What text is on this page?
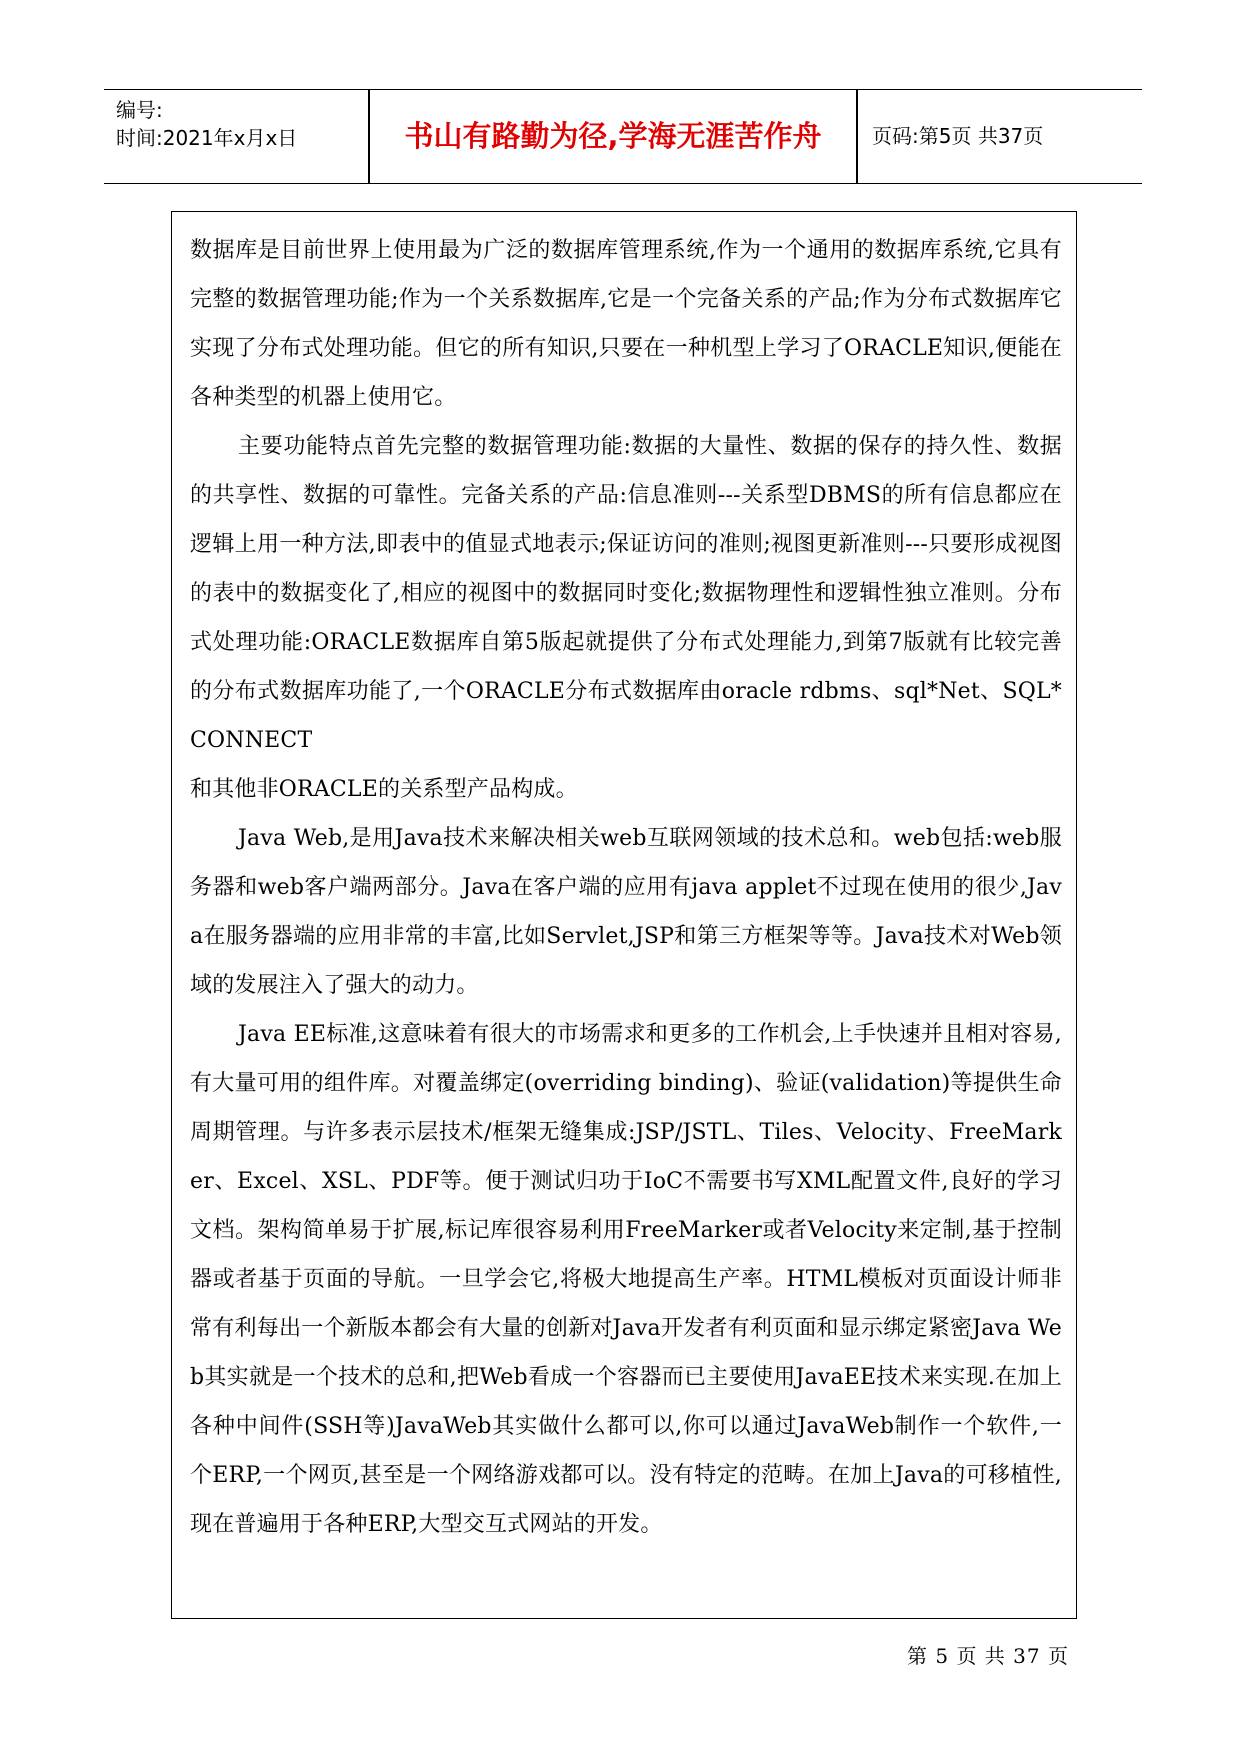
编号:
时间:2021年x月x日	书山有路勤为径,学海无涯苦作舟	页码:第5页 共37页

数据库是目前世界上使用最为广泛的数据库管理系统,作为一个通用的数据库系统,它具有完整的数据管理功能;作为一个关系数据库,它是一个完备关系的产品;作为分布式数据库它实现了分布式处理功能。但它的所有知识,只要在一种机型上学习了ORACLE知识,便能在各种类型的机器上使用它。

主要功能特点首先完整的数据管理功能:数据的大量性、数据的保存的持久性、数据的共享性、数据的可靠性。完备关系的产品:信息准则---关系型DBMS的所有信息都应在逻辑上用一种方法,即表中的值显式地表示;保证访问的准则;视图更新准则---只要形成视图的表中的数据变化了,相应的视图中的数据同时变化;数据物理性和逻辑性独立准则。分布式处理功能:ORACLE数据库自第5版起就提供了分布式处理能力,到第7版就有比较完善的分布式数据库功能了,一个ORACLE分布式数据库由oracle rdbms、sql*Net、SQL*CONNECT

和其他非ORACLE的关系型产品构成。

Java Web,是用Java技术来解决相关web互联网领域的技术总和。web包括:web服务器和web客户端两部分。Java在客户端的应用有java applet不过现在使用的很少,Java在服务器端的应用非常的丰富,比如Servlet,JSP和第三方框架等等。Java技术对Web领域的发展注入了强大的动力。

Java EE标准,这意味着有很大的市场需求和更多的工作机会,上手快速并且相对容易,有大量可用的组件库。对覆盖绑定(overriding binding)、验证(validation)等提供生命周期管理。与许多表示层技术/框架无缝集成:JSP/JSTL、Tiles、Velocity、FreeMarker、Excel、XSL、PDF等。便于测试归功于IoC不需要书写XML配置文件,良好的学习文档。架构简单易于扩展,标记库很容易利用FreeMarker或者Velocity来定制,基于控制器或者基于页面的导航。一旦学会它,将极大地提高生产率。HTML模板对页面设计师非常有利每出一个新版本都会有大量的创新对Java开发者有利页面和显示绑定紧密Java Web其实就是一个技术的总和,把Web看成一个容器而已主要使用JavaEE技术来实现.在加上各种中间件(SSH等)JavaWeb其实做什么都可以,你可以通过JavaWeb制作一个软件,一个ERP,一个网页,甚至是一个网络游戏都可以。没有特定的范畴。在加上Java的可移植性,现在普遍用于各种ERP,大型交互式网站的开发。

第 5 页 共 37 页
